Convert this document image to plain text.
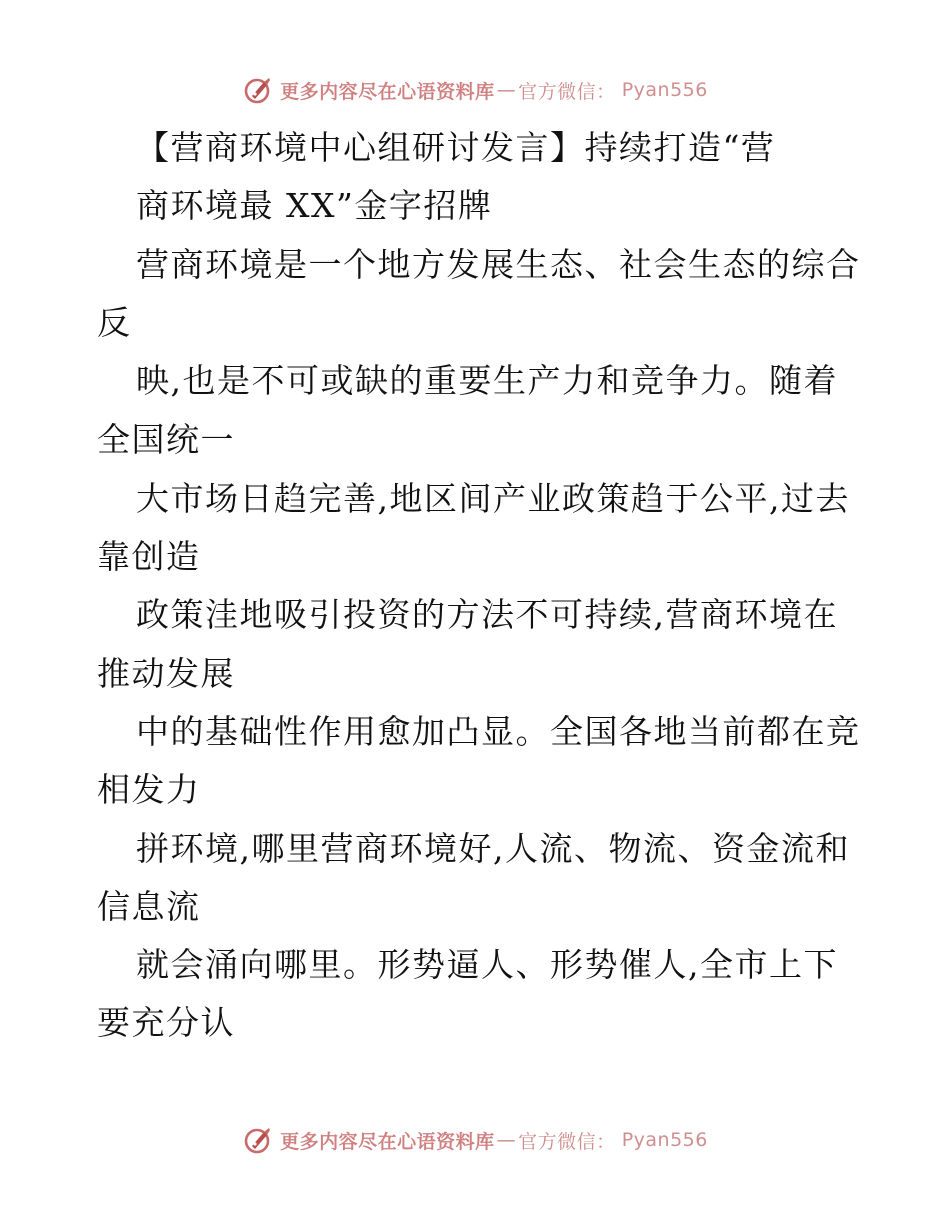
更多内容尽在心语资料库 — 官方微信： Pyan556
【营商环境中心组研讨发言】持续打造“营
商环境最 XX”金字招牌
营商环境是一个地方发展生态、社会生态的综合
反
映,也是不可或缺的重要生产力和竞争力。随着
全国统一
大市场日趋完善,地区间产业政策趋于公平,过去
靠创造
政策洼地吸引投资的方法不可持续,营商环境在
推动发展
中的基础性作用愈加凸显。全国各地当前都在竞
相发力
拼环境,哪里营商环境好,人流、物流、资金流和
信息流
就会涌向哪里。形势逼人、形势催人,全市上下
要充分认
更多内容尽在心语资料库 — 官方微信： Pyan556
